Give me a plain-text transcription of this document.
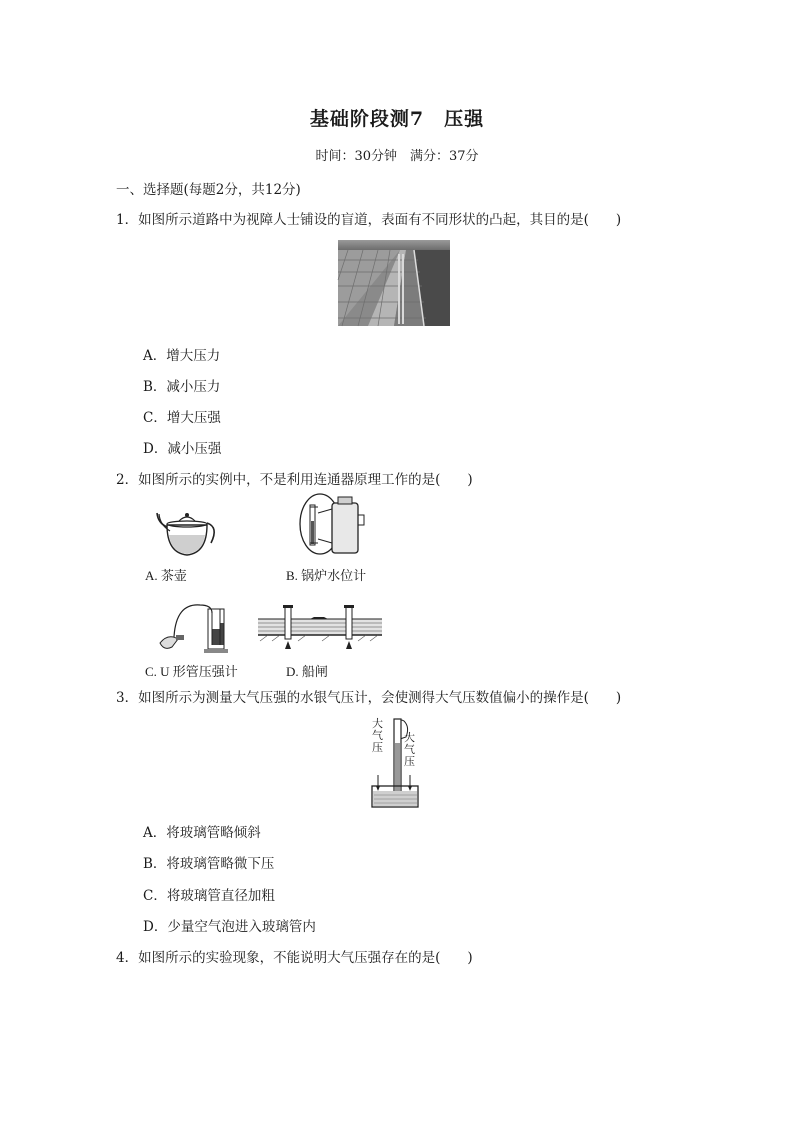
基础阶段测7　压强
时间：30分钟　满分：37分
一、选择题(每题2分，共12分)
1．如图所示道路中为视障人士铺设的盲道，表面有不同形状的凸起，其目的是(　　)
A．增大压力
B．减小压力
C．增大压强
D．减小压强
2．如图所示的实例中，不是利用连通器原理工作的是(　　)
A. 茶壶	B. 锅炉水位计
C. U 形管压强计	D. 船闸
3．如图所示为测量大气压强的水银气压计，会使测得大气压数值偏小的操作是(　　)
大气压
大气压
A．将玻璃管略倾斜
B．将玻璃管略微下压
C．将玻璃管直径加粗
D．少量空气泡进入玻璃管内
4．如图所示的实验现象，不能说明大气压强存在的是(　　)
